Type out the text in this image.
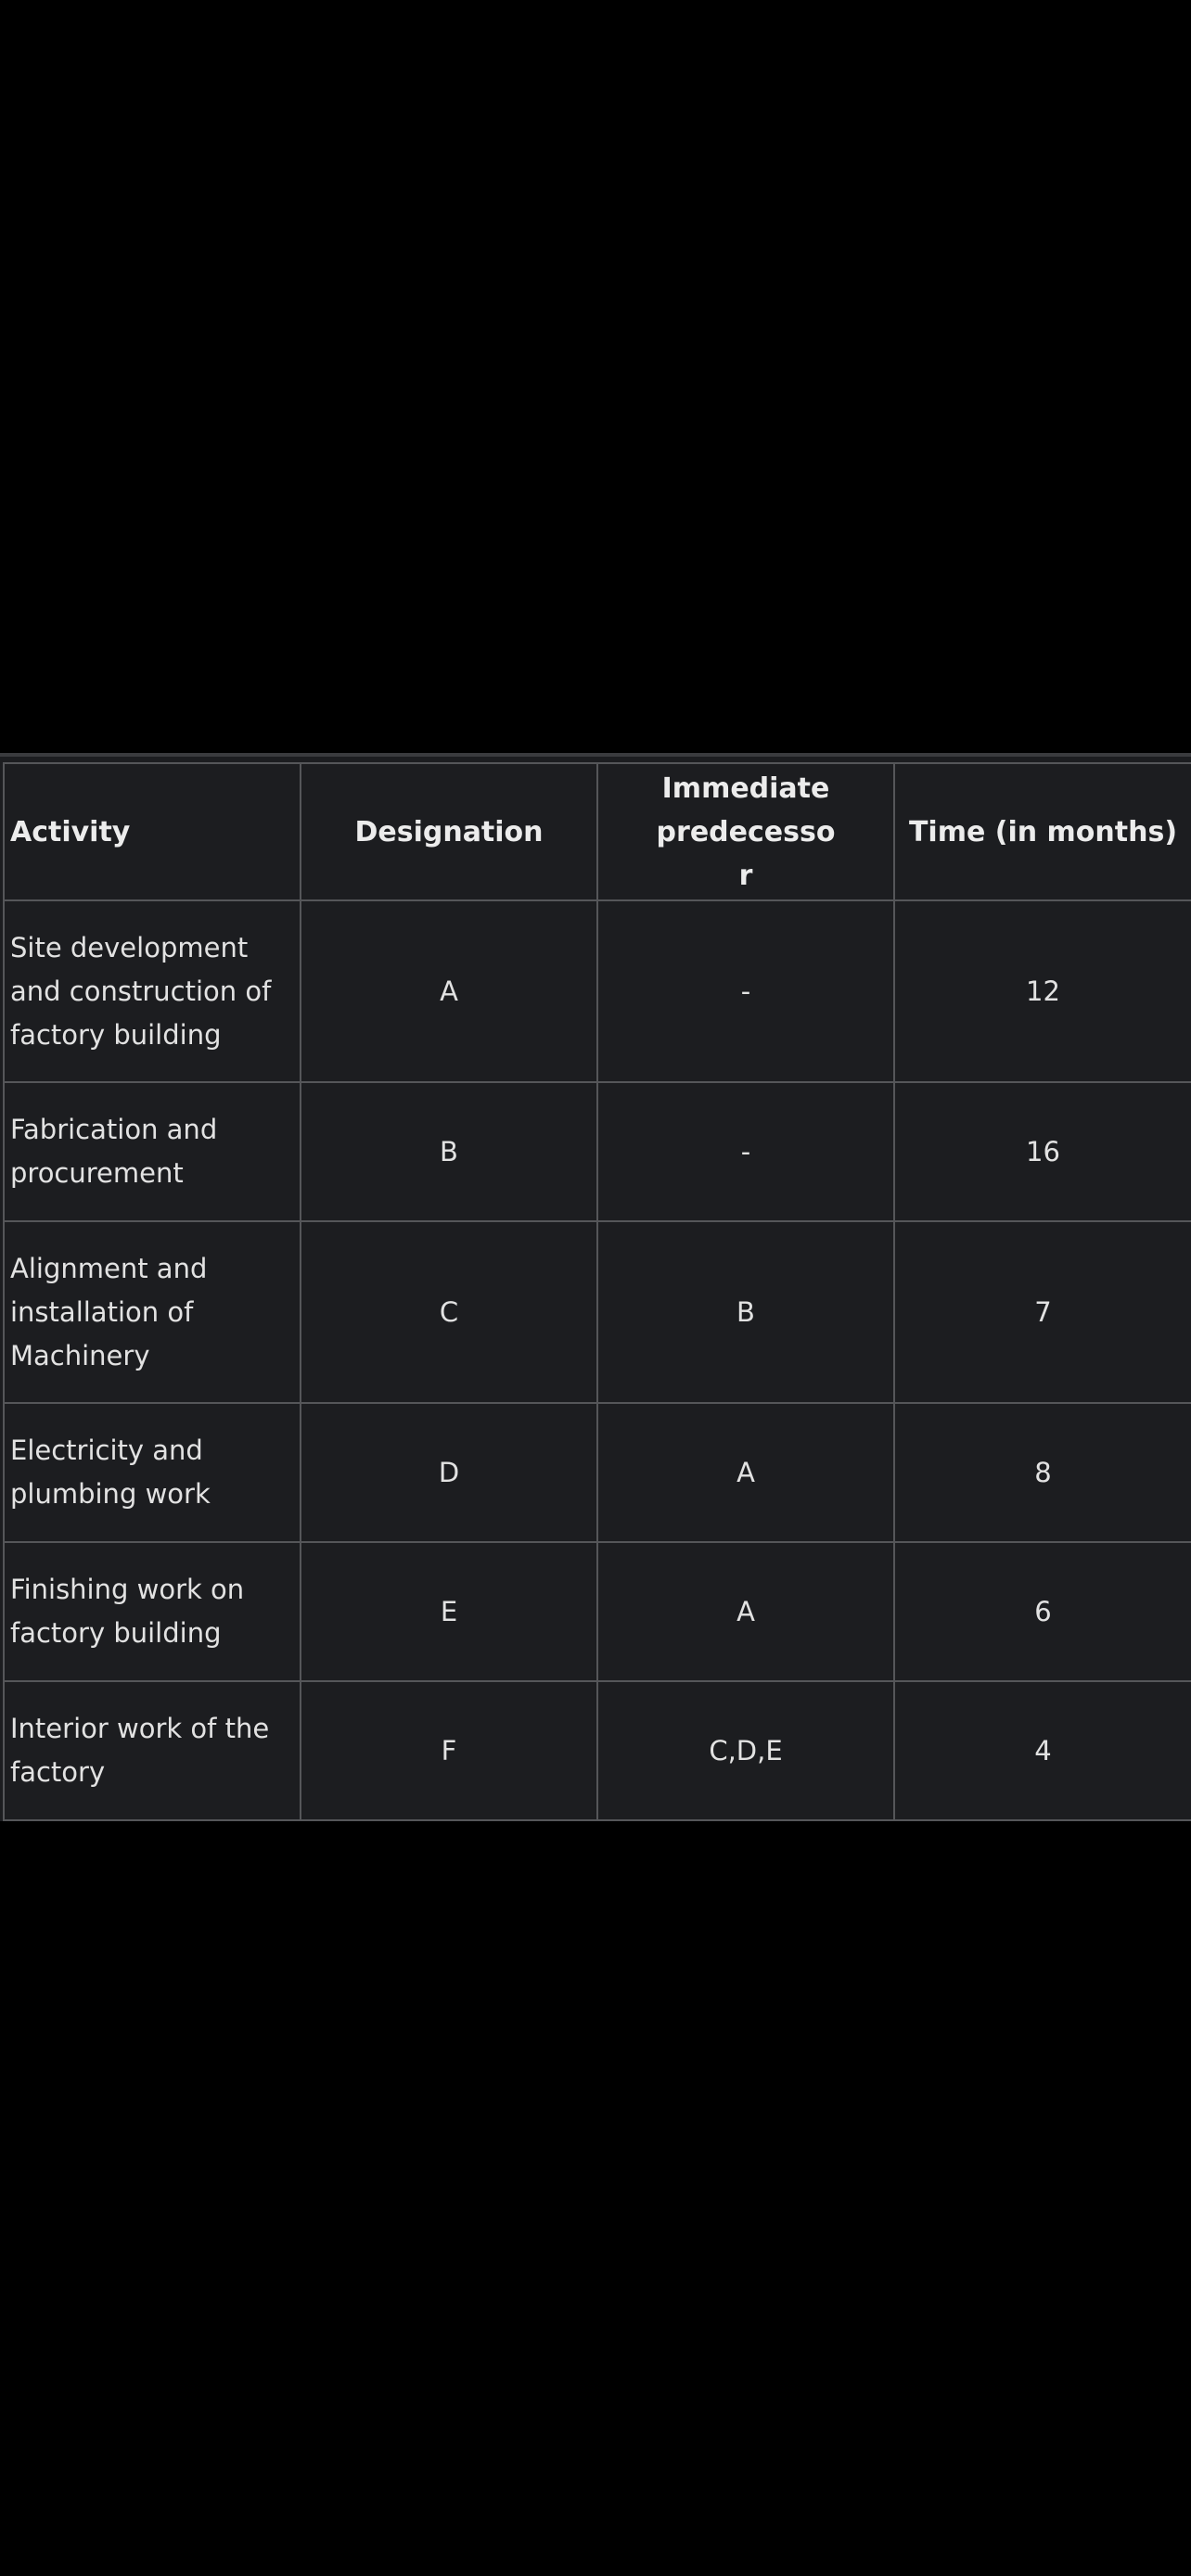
Activity	Designation	Immediate predecessor	Time (in months)
Site development and construction of factory building	A	-	12
Fabrication and procurement	B	-	16
Alignment and installation of Machinery	C	B	7
Electricity and plumbing work	D	A	8
Finishing work on factory building	E	A	6
Interior work of the factory	F	C,D,E	4
